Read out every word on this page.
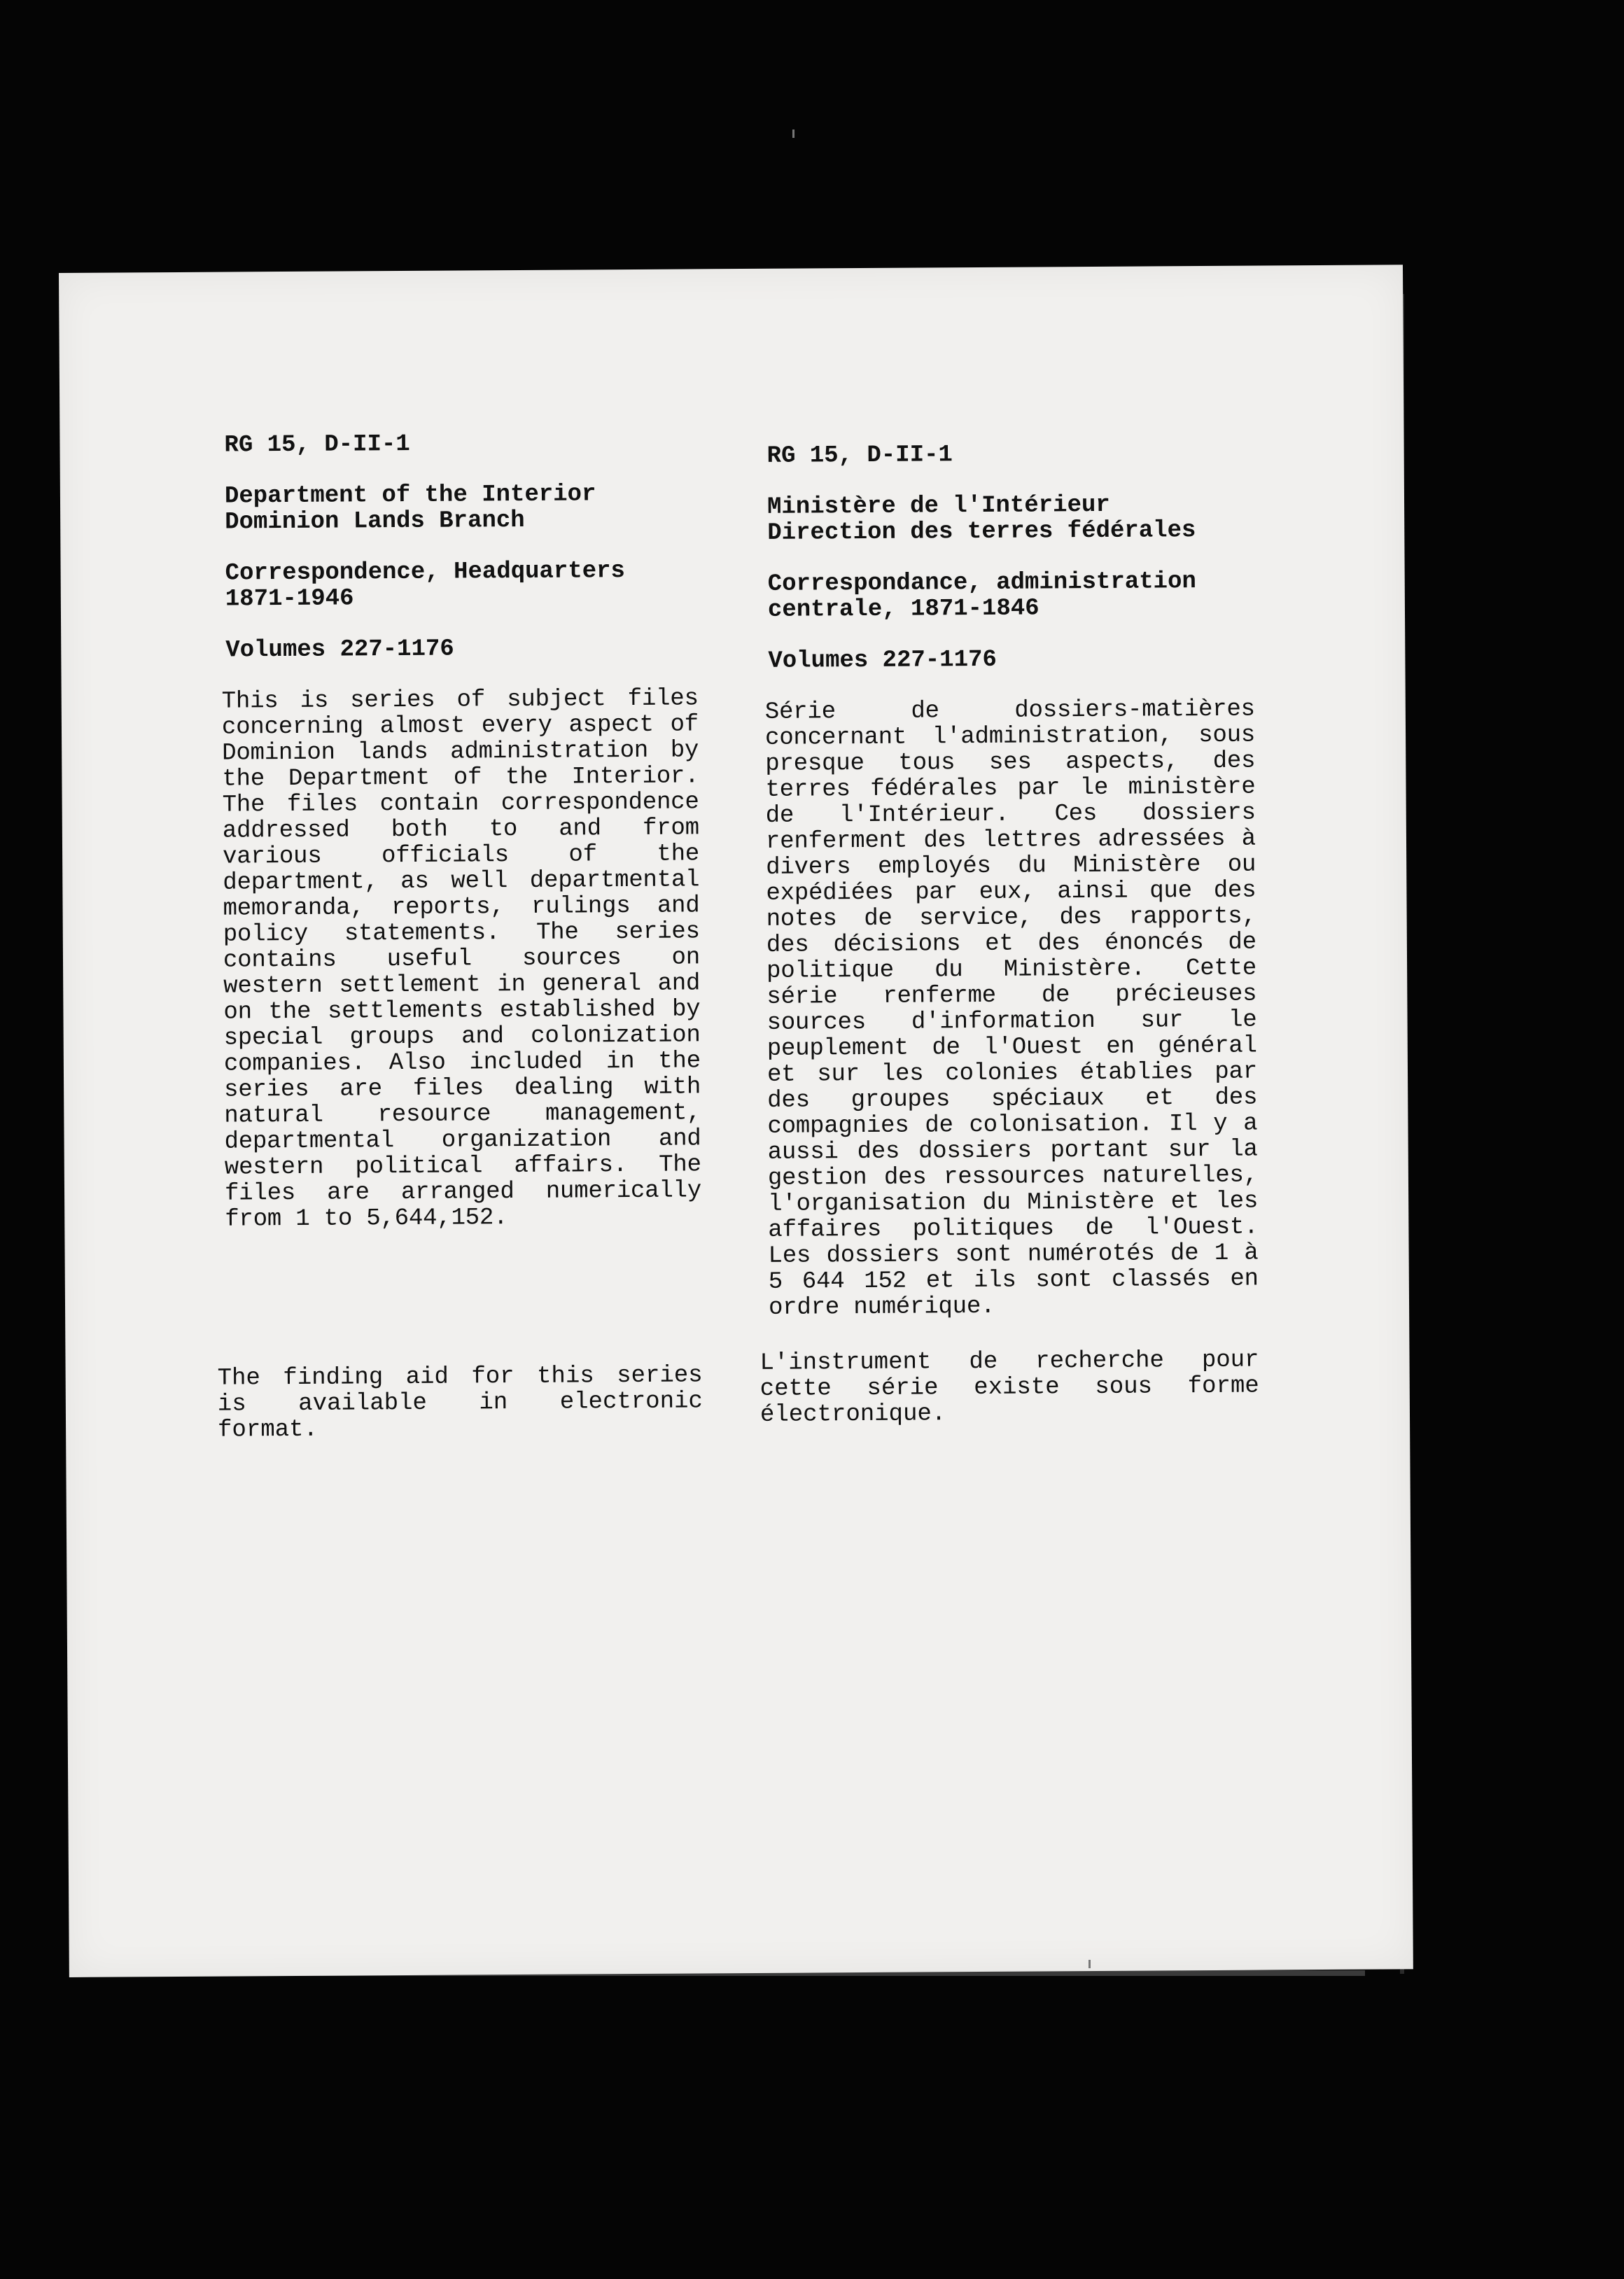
RG 15, D-II-1

Department of the Interior
Dominion Lands Branch

Correspondence, Headquarters
1871-1946

Volumes 227-1176

This is series of subject files concerning almost every aspect of Dominion lands administration by the Department of the Interior. The files contain correspondence addressed both to and from various officials of the department, as well departmental memoranda, reports, rulings and policy statements. The series contains useful sources on western settlement in general and on the settlements established by special groups and colonization companies. Also included in the series are files dealing with natural resource management, departmental organization and western political affairs. The files are arranged numerically from 1 to 5,644,152.

The finding aid for this series is available in electronic format.

RG 15, D-II-1

Ministère de l'Intérieur
Direction des terres fédérales

Correspondance, administration
centrale, 1871-1846

Volumes 227-1176

Série de dossiers-matières concernant l'administration, sous presque tous ses aspects, des terres fédérales par le ministère de l'Intérieur. Ces dossiers renferment des lettres adressées à divers employés du Ministère ou expédiées par eux, ainsi que des notes de service, des rapports, des décisions et des énoncés de politique du Ministère. Cette série renferme de précieuses sources d'information sur le peuplement de l'Ouest en général et sur les colonies établies par des groupes spéciaux et des compagnies de colonisation. Il y a aussi des dossiers portant sur la gestion des ressources naturelles, l'organisation du Ministère et les affaires politiques de l'Ouest. Les dossiers sont numérotés de 1 à 5 644 152 et ils sont classés en ordre numérique.

L'instrument de recherche pour cette série existe sous forme électronique.
